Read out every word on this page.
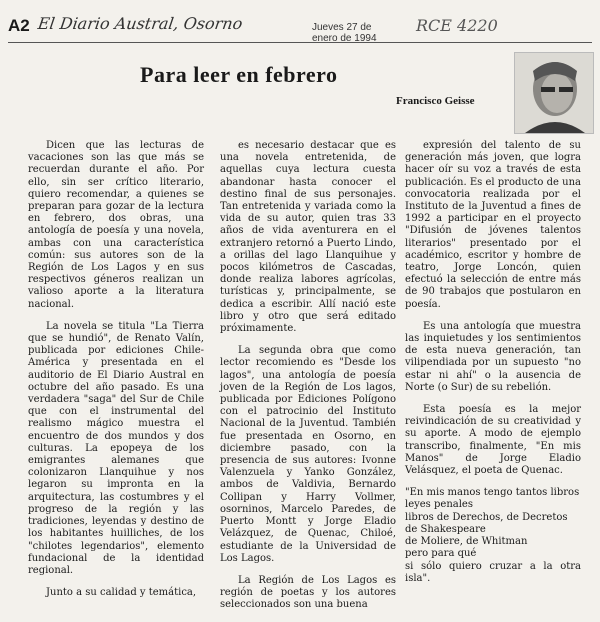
A2 El Diario Austral, Osorno	Jueves 27 de
enero de 1994
RCE 4220
Para leer en febrero
Francisco Geisse

Dicen que las lecturas de vacaciones son las que más se recuerdan durante el año. Por ello, sin ser crítico literario, quiero recomendar, a quienes se preparan para gozar de la lectura en febrero, dos obras, una antología de poesía y una novela, ambas con una característica común: sus autores son de la Región de Los Lagos y en sus respectivos géneros realizan un valioso aporte a la literatura nacional.

La novela se titula "La Tierra que se hundió", de Renato Valín, publicada por ediciones Chile-América y presentada en el auditorio de El Diario Austral en octubre del año pasado. Es una verdadera "saga" del Sur de Chile que con el instrumental del realismo mágico muestra el encuentro de dos mundos y dos culturas. La epopeya de los emigrantes alemanes que colonizaron Llanquihue y nos legaron su impronta en la arquitectura, las costumbres y el progreso de la región y las tradiciones, leyendas y destino de los habitantes huilliches, de los "chilotes legendarios", elemento fundacional de la identidad regional.

Junto a su calidad y temática,

es necesario destacar que es una novela entretenida, de aquellas cuya lectura cuesta abandonar hasta conocer el destino final de sus personajes. Tan entretenida y variada como la vida de su autor, quien tras 33 años de vida aventurera en el extranjero retornó a Puerto Lindo, a orillas del lago Llanquihue y pocos kilómetros de Cascadas, donde realiza labores agrícolas, turísticas y, principalmente, se dedica a escribir. Allí nació este libro y otro que será editado próximamente.

La segunda obra que como lector recomiendo es "Desde los lagos", una antología de poesía joven de la Región de Los lagos, publicada por Ediciones Polígono con el patrocinio del Instituto Nacional de la Juventud. También fue presentada en Osorno, en diciembre pasado, con la presencia de sus autores: Ivonne Valenzuela y Yanko González, ambos de Valdivia, Bernardo Collipan y Harry Vollmer, osorninos, Marcelo Paredes, de Puerto Montt y Jorge Eladio Velázquez, de Quenac, Chiloé, estudiante de la Universidad de Los Lagos.

La Región de Los Lagos es región de poetas y los autores seleccionados son una buena

expresión del talento de su generación más joven, que logra hacer oír su voz a través de esta publicación. Es el producto de una convocatoria realizada por el Instituto de la Juventud a fines de 1992 a participar en el proyecto "Difusión de jóvenes talentos literarios" presentado por el académico, escritor y hombre de teatro, Jorge Loncón, quien efectuó la selección de entre más de 90 trabajos que postularon en poesía.

Es una antología que muestra las inquietudes y los sentimientos de esta nueva generación, tan vilipendiada por un supuesto "no estar ni ahí" o la ausencia de Norte (o Sur) de su rebelión.

Esta poesía es la mejor reivindicación de su creatividad y su aporte. A modo de ejemplo transcribo, finalmente, "En mis Manos" de Jorge Eladio Velásquez, el poeta de Quenac.

"En mis manos tengo tantos libros
leyes penales
libros de Derechos, de Decretos
de Shakespeare
de Moliere, de Whitman
pero para qué
si sólo quiero cruzar a la otra isla".
